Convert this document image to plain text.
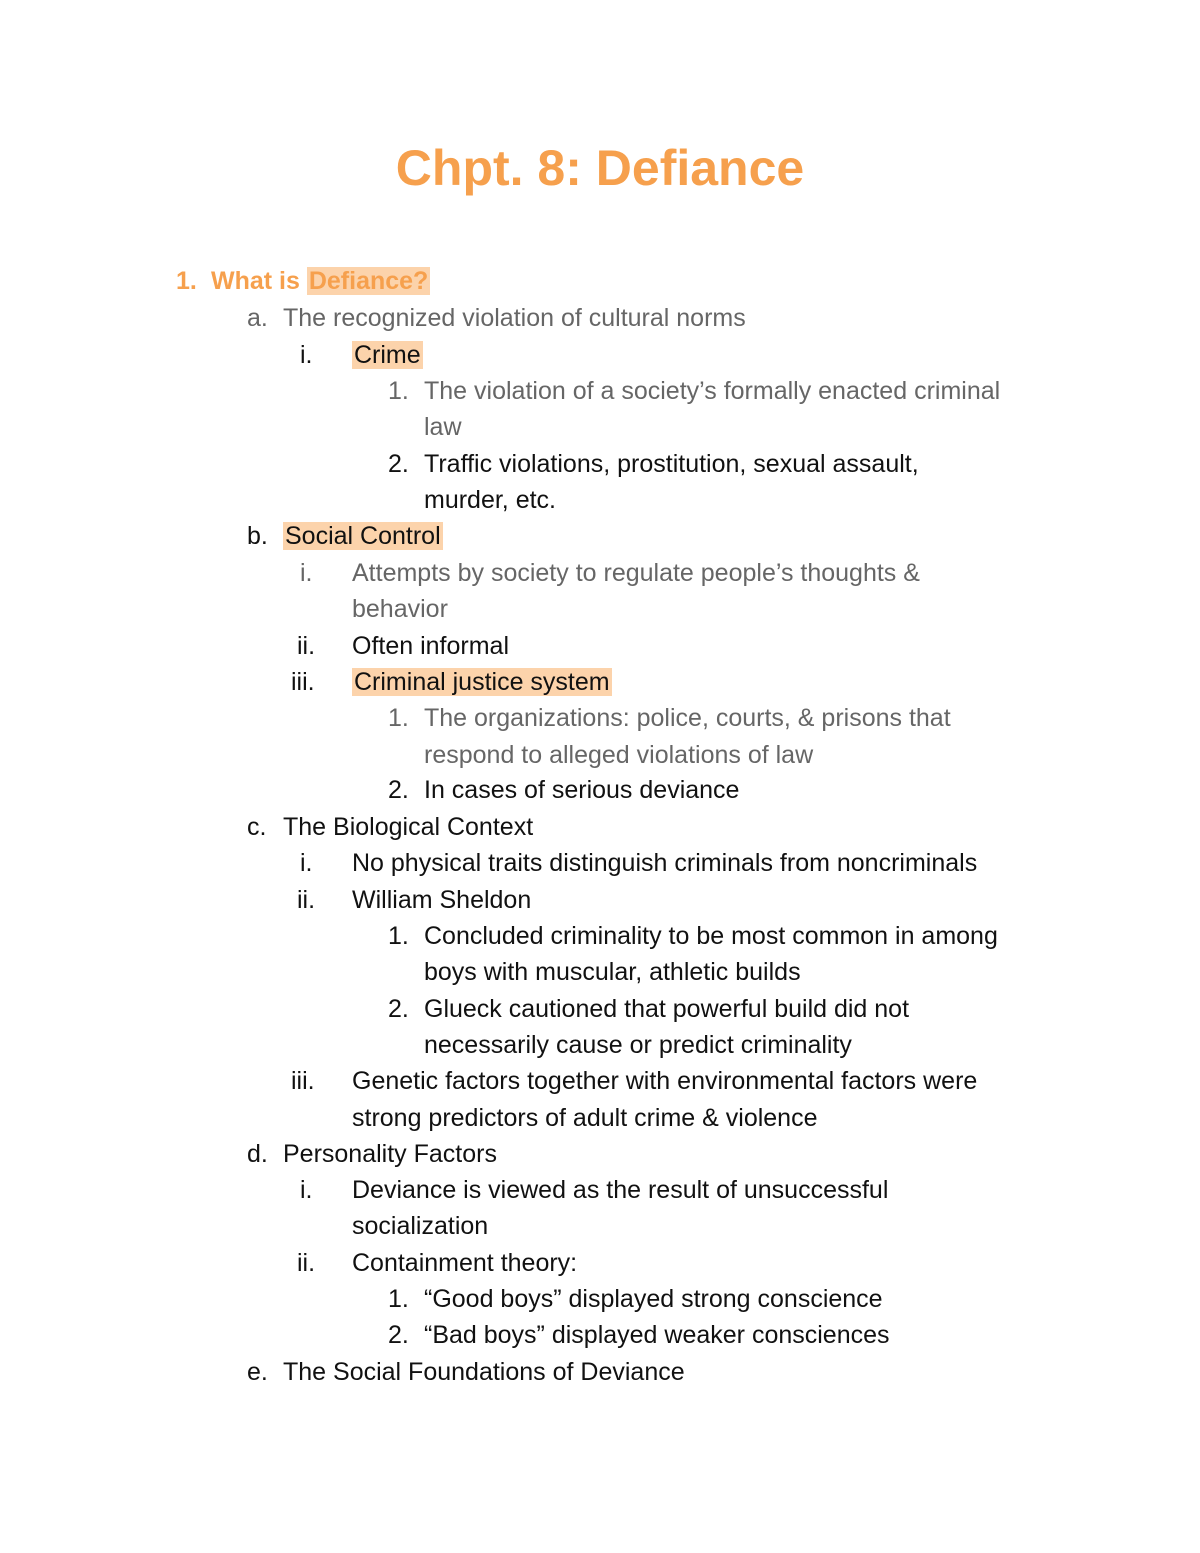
Chpt. 8: Defiance
1. What is Defiance?
a. The recognized violation of cultural norms
i. Crime
1. The violation of a society’s formally enacted criminal
law
2. Traffic violations, prostitution, sexual assault,
murder, etc.
b. Social Control
i. Attempts by society to regulate people’s thoughts &
behavior
ii. Often informal
iii. Criminal justice system
1. The organizations: police, courts, & prisons that
respond to alleged violations of law
2. In cases of serious deviance
c. The Biological Context
i. No physical traits distinguish criminals from noncriminals
ii. William Sheldon
1. Concluded criminality to be most common in among
boys with muscular, athletic builds
2. Glueck cautioned that powerful build did not
necessarily cause or predict criminality
iii. Genetic factors together with environmental factors were
strong predictors of adult crime & violence
d. Personality Factors
i. Deviance is viewed as the result of unsuccessful
socialization
ii. Containment theory:
1. “Good boys” displayed strong conscience
2. “Bad boys” displayed weaker consciences
e. The Social Foundations of Deviance
